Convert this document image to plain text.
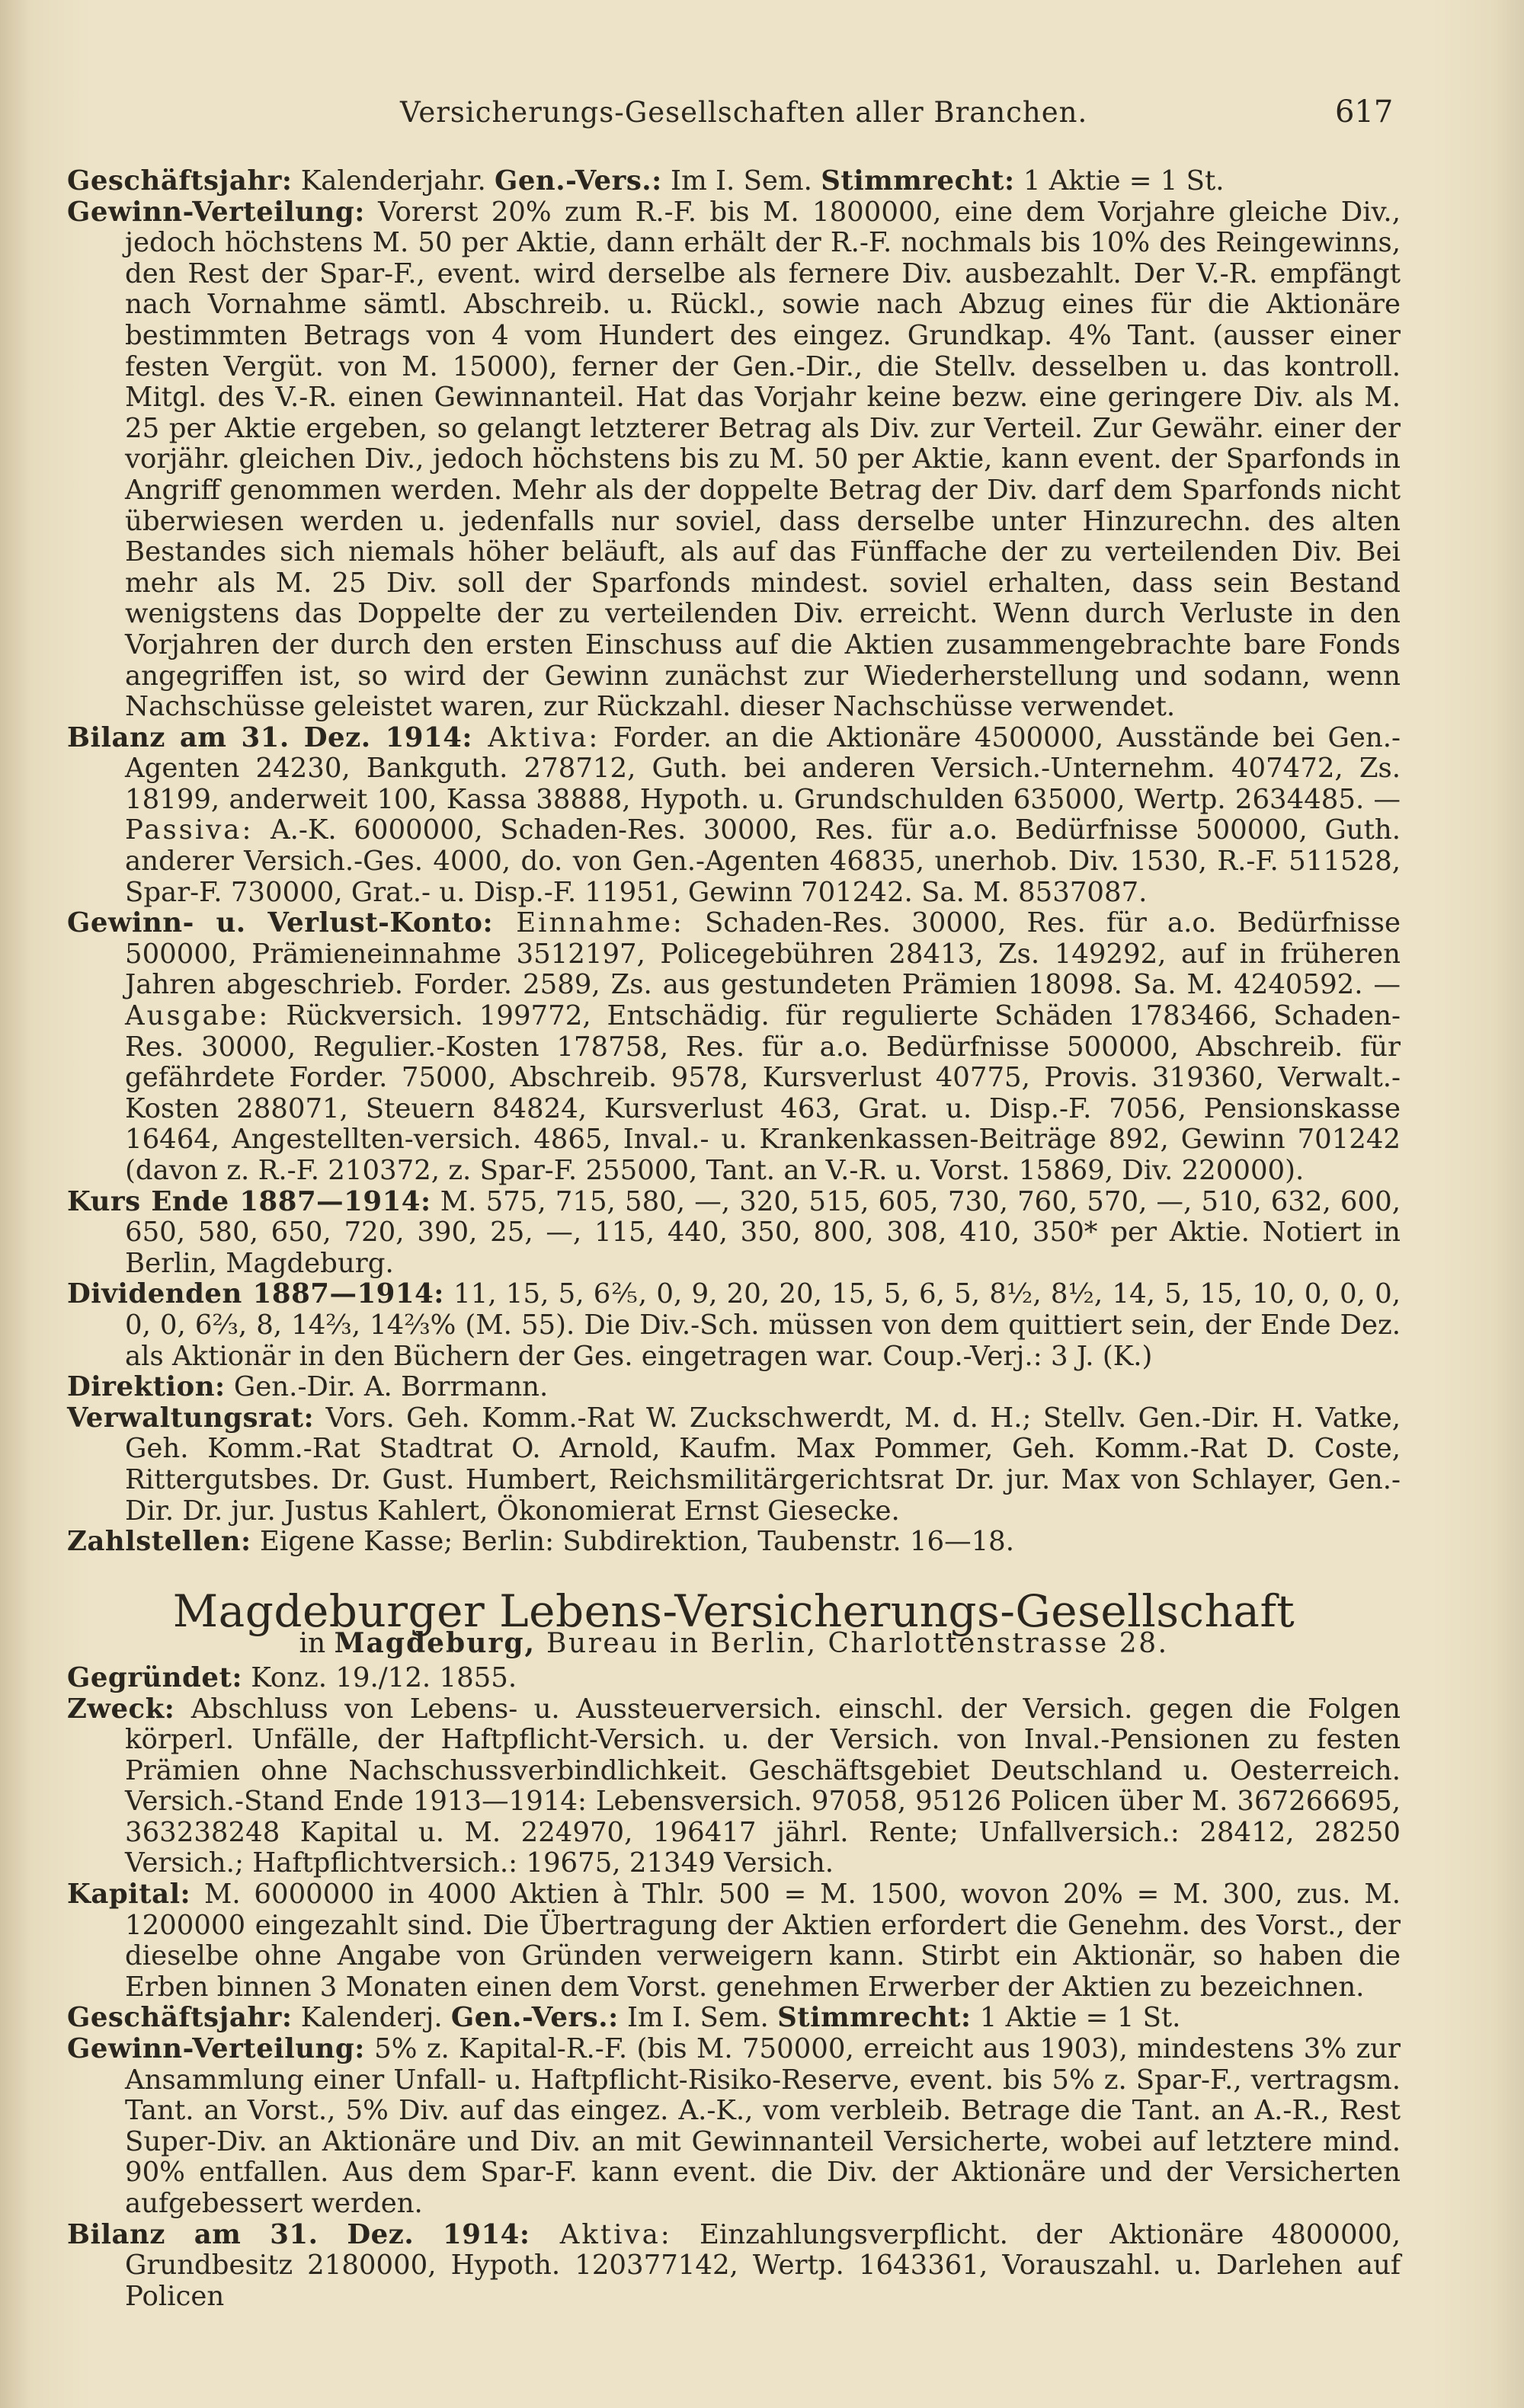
Versicherungs-Gesellschaften aller Branchen.	617

Geschäftsjahr: Kalenderjahr. Gen.-Vers.: Im I. Sem. Stimmrecht: 1 Aktie = 1 St.

Gewinn-Verteilung: Vorerst 20% zum R.-F. bis M. 1800000, eine dem Vorjahre gleiche Div., jedoch höchstens M. 50 per Aktie, dann erhält der R.-F. nochmals bis 10% des Reingewinns, den Rest der Spar-F., event. wird derselbe als fernere Div. ausbezahlt. Der V.-R. empfängt nach Vornahme sämtl. Abschreib. u. Rückl., sowie nach Abzug eines für die Aktionäre bestimmten Betrags von 4 vom Hundert des eingez. Grundkap. 4% Tant. (ausser einer festen Vergüt. von M. 15000), ferner der Gen.-Dir., die Stellv. desselben u. das kontroll. Mitgl. des V.-R. einen Gewinnanteil. Hat das Vorjahr keine bezw. eine geringere Div. als M. 25 per Aktie ergeben, so gelangt letzterer Betrag als Div. zur Verteil. Zur Gewähr. einer der vorjähr. gleichen Div., jedoch höchstens bis zu M. 50 per Aktie, kann event. der Sparfonds in Angriff genommen werden. Mehr als der doppelte Betrag der Div. darf dem Sparfonds nicht überwiesen werden u. jedenfalls nur soviel, dass derselbe unter Hinzurechn. des alten Bestandes sich niemals höher beläuft, als auf das Fünffache der zu verteilenden Div. Bei mehr als M. 25 Div. soll der Sparfonds mindest. soviel erhalten, dass sein Bestand wenigstens das Doppelte der zu verteilenden Div. erreicht. Wenn durch Verluste in den Vorjahren der durch den ersten Einschuss auf die Aktien zusammengebrachte bare Fonds angegriffen ist, so wird der Gewinn zunächst zur Wiederherstellung und sodann, wenn Nachschüsse geleistet waren, zur Rückzahl. dieser Nachschüsse verwendet.

Bilanz am 31. Dez. 1914: Aktiva: Forder. an die Aktionäre 4500000, Ausstände bei Gen.-Agenten 24230, Bankguth. 278712, Guth. bei anderen Versich.-Unternehm. 407472, Zs. 18199, anderweit 100, Kassa 38888, Hypoth. u. Grundschulden 635000, Wertp. 2634485. — Passiva: A.-K. 6000000, Schaden-Res. 30000, Res. für a.o. Bedürfnisse 500000, Guth. anderer Versich.-Ges. 4000, do. von Gen.-Agenten 46835, unerhob. Div. 1530, R.-F. 511528, Spar-F. 730000, Grat.- u. Disp.-F. 11951, Gewinn 701242. Sa. M. 8537087.

Gewinn- u. Verlust-Konto: Einnahme: Schaden-Res. 30000, Res. für a.o. Bedürfnisse 500000, Prämieneinnahme 3512197, Policegebühren 28413, Zs. 149292, auf in früheren Jahren abgeschrieb. Forder. 2589, Zs. aus gestundeten Prämien 18098. Sa. M. 4240592. — Ausgabe: Rückversich. 199772, Entschädig. für regulierte Schäden 1783466, Schaden-Res. 30000, Regulier.-Kosten 178758, Res. für a.o. Bedürfnisse 500000, Abschreib. für gefährdete Forder. 75000, Abschreib. 9578, Kursverlust 40775, Provis. 319360, Verwalt.-Kosten 288071, Steuern 84824, Kursverlust 463, Grat. u. Disp.-F. 7056, Pensionskasse 16464, Angestellten-versich. 4865, Inval.- u. Krankenkassen-Beiträge 892, Gewinn 701242 (davon z. R.-F. 210372, z. Spar-F. 255000, Tant. an V.-R. u. Vorst. 15869, Div. 220000).

Kurs Ende 1887—1914: M. 575, 715, 580, —, 320, 515, 605, 730, 760, 570, —, 510, 632, 600, 650, 580, 650, 720, 390, 25, —, 115, 440, 350, 800, 308, 410, 350* per Aktie. Notiert in Berlin, Magdeburg.

Dividenden 1887—1914: 11, 15, 5, 6⅖, 0, 9, 20, 20, 15, 5, 6, 5, 8½, 8½, 14, 5, 15, 10, 0, 0, 0, 0, 0, 6⅔, 8, 14⅔, 14⅔% (M. 55). Die Div.-Sch. müssen von dem quittiert sein, der Ende Dez. als Aktionär in den Büchern der Ges. eingetragen war. Coup.-Verj.: 3 J. (K.)

Direktion: Gen.-Dir. A. Borrmann.

Verwaltungsrat: Vors. Geh. Komm.-Rat W. Zuckschwerdt, M. d. H.; Stellv. Gen.-Dir. H. Vatke, Geh. Komm.-Rat Stadtrat O. Arnold, Kaufm. Max Pommer, Geh. Komm.-Rat D. Coste, Rittergutsbes. Dr. Gust. Humbert, Reichsmilitärgerichtsrat Dr. jur. Max von Schlayer, Gen.-Dir. Dr. jur. Justus Kahlert, Ökonomierat Ernst Giesecke.

Zahlstellen: Eigene Kasse; Berlin: Subdirektion, Taubenstr. 16—18.

Magdeburger Lebens-Versicherungs-Gesellschaft

in Magdeburg, Bureau in Berlin, Charlottenstrasse 28.

Gegründet: Konz. 19./12. 1855.

Zweck: Abschluss von Lebens- u. Aussteuerversich. einschl. der Versich. gegen die Folgen körperl. Unfälle, der Haftpflicht-Versich. u. der Versich. von Inval.-Pensionen zu festen Prämien ohne Nachschussverbindlichkeit. Geschäftsgebiet Deutschland u. Oesterreich. Versich.-Stand Ende 1913—1914: Lebensversich. 97058, 95126 Policen über M. 367266695, 363238248 Kapital u. M. 224970, 196417 jährl. Rente; Unfallversich.: 28412, 28250 Versich.; Haftpflichtversich.: 19675, 21349 Versich.

Kapital: M. 6000000 in 4000 Aktien à Thlr. 500 = M. 1500, wovon 20% = M. 300, zus. M. 1200000 eingezahlt sind. Die Übertragung der Aktien erfordert die Genehm. des Vorst., der dieselbe ohne Angabe von Gründen verweigern kann. Stirbt ein Aktionär, so haben die Erben binnen 3 Monaten einen dem Vorst. genehmen Erwerber der Aktien zu bezeichnen.

Geschäftsjahr: Kalenderj. Gen.-Vers.: Im I. Sem. Stimmrecht: 1 Aktie = 1 St.

Gewinn-Verteilung: 5% z. Kapital-R.-F. (bis M. 750000, erreicht aus 1903), mindestens 3% zur Ansammlung einer Unfall- u. Haftpflicht-Risiko-Reserve, event. bis 5% z. Spar-F., vertragsm. Tant. an Vorst., 5% Div. auf das eingez. A.-K., vom verbleib. Betrage die Tant. an A.-R., Rest Super-Div. an Aktionäre und Div. an mit Gewinnanteil Versicherte, wobei auf letztere mind. 90% entfallen. Aus dem Spar-F. kann event. die Div. der Aktionäre und der Versicherten aufgebessert werden.

Bilanz am 31. Dez. 1914: Aktiva: Einzahlungsverpflicht. der Aktionäre 4800000, Grundbesitz 2180000, Hypoth. 120377142, Wertp. 1643361, Vorauszahl. u. Darlehen auf Policen
